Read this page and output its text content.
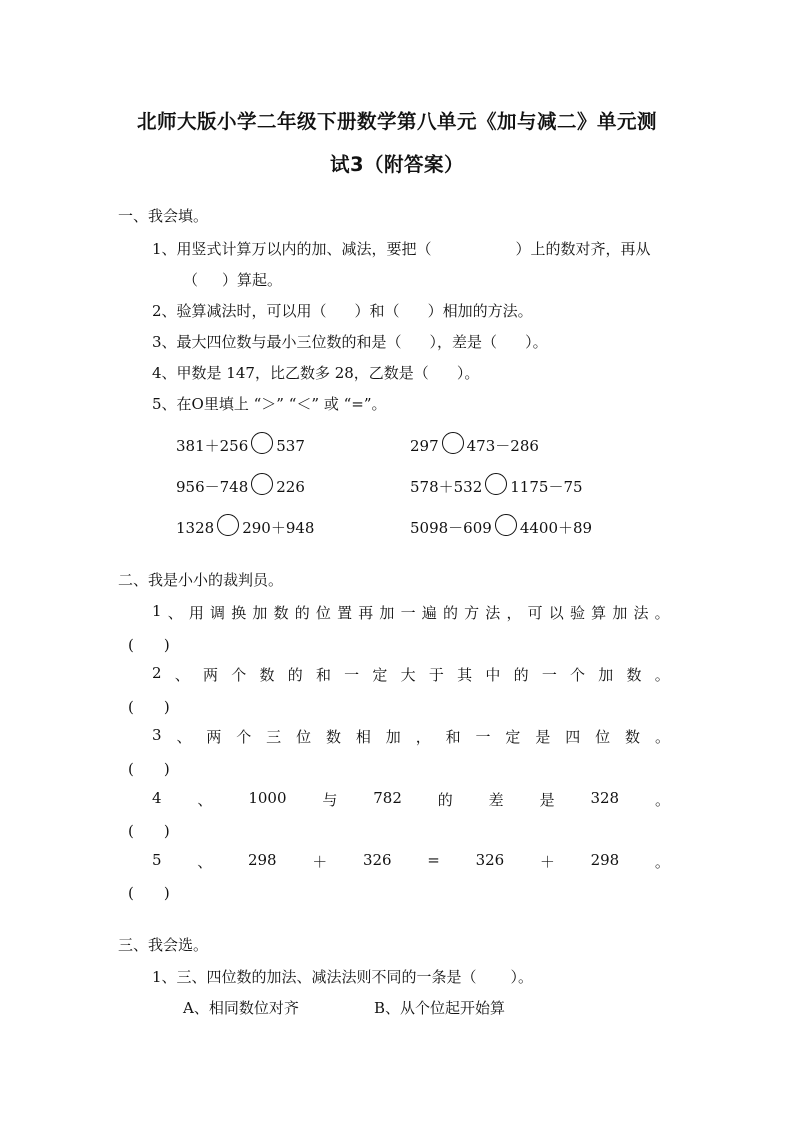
北师大版小学二年级下册数学第八单元《加与减二》单元测
试3（附答案）
一、我会填。
1、用竖式计算万以内的加、减法，要把（	）上的数对齐，再从
（ ）算起。
2、验算减法时，可以用（ ）和（ ）相加的方法。
3、最大四位数与最小三位数的和是（ ），差是（ ）。
4、甲数是 147，比乙数多 28，乙数是（ ）。
5、在O里填上 “＞” “＜” 或 “=”。
381＋256 537	297 473－286
956－748 226	578＋532 1175－75
1328 290＋948	5098－609 4400＋89
二、我是小小的裁判员。
1 、 用 调 换 加 数 的 位 置 再 加 一 遍 的 方 法 ， 可 以 验 算 加 法 。
(　　)
2 、 两 个 数 的 和 一 定 大 于 其 中 的 一 个 加 数 。
(　　)
3 、 两 个 三 位 数 相 加 ， 和 一 定 是 四 位 数 。
(　　)
4 、 1000 与 782 的 差 是 328 。
(　　)
5 、 298 ＋ 326 = 326 ＋ 298 。
(　　)
三、我会选。
1、三、四位数的加法、减法法则不同的一条是（ ）。
A、相同数位对齐	B、从个位起开始算
